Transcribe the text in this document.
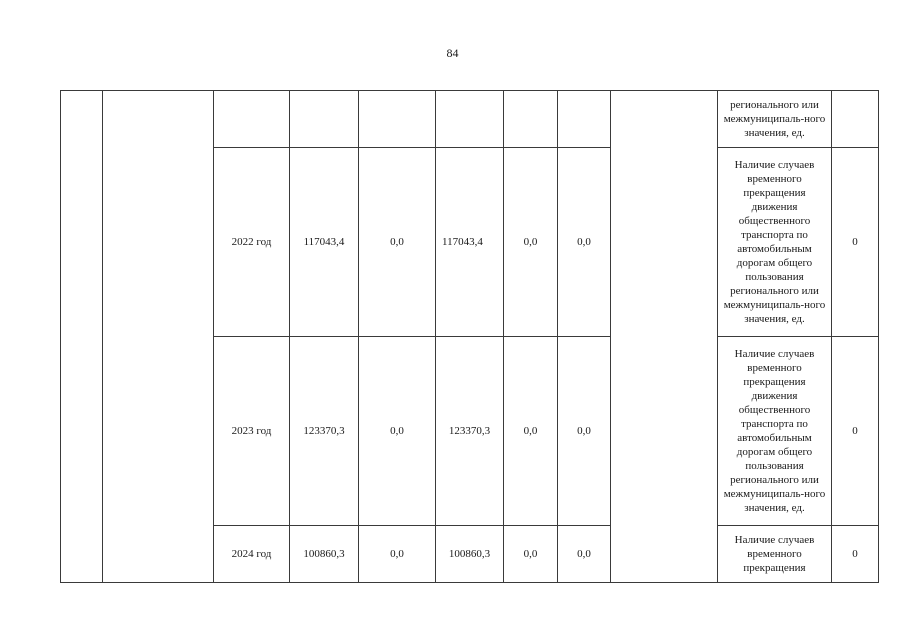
84
									регионального или межмуниципаль-ного значения, ед.	
		2022 год	117043,4	0,0	117043,4	0,0	0,0		Наличие случаев временного прекращения движения общественного транспорта по автомобильным дорогам общего пользования регионального или межмуниципаль-ного значения, ед.	0
		2023 год	123370,3	0,0	123370,3	0,0	0,0		Наличие случаев временного прекращения движения общественного транспорта по автомобильным дорогам общего пользования регионального или межмуниципаль-ного значения, ед.	0
		2024 год	100860,3	0,0	100860,3	0,0	0,0		Наличие случаев временного прекращения	0
